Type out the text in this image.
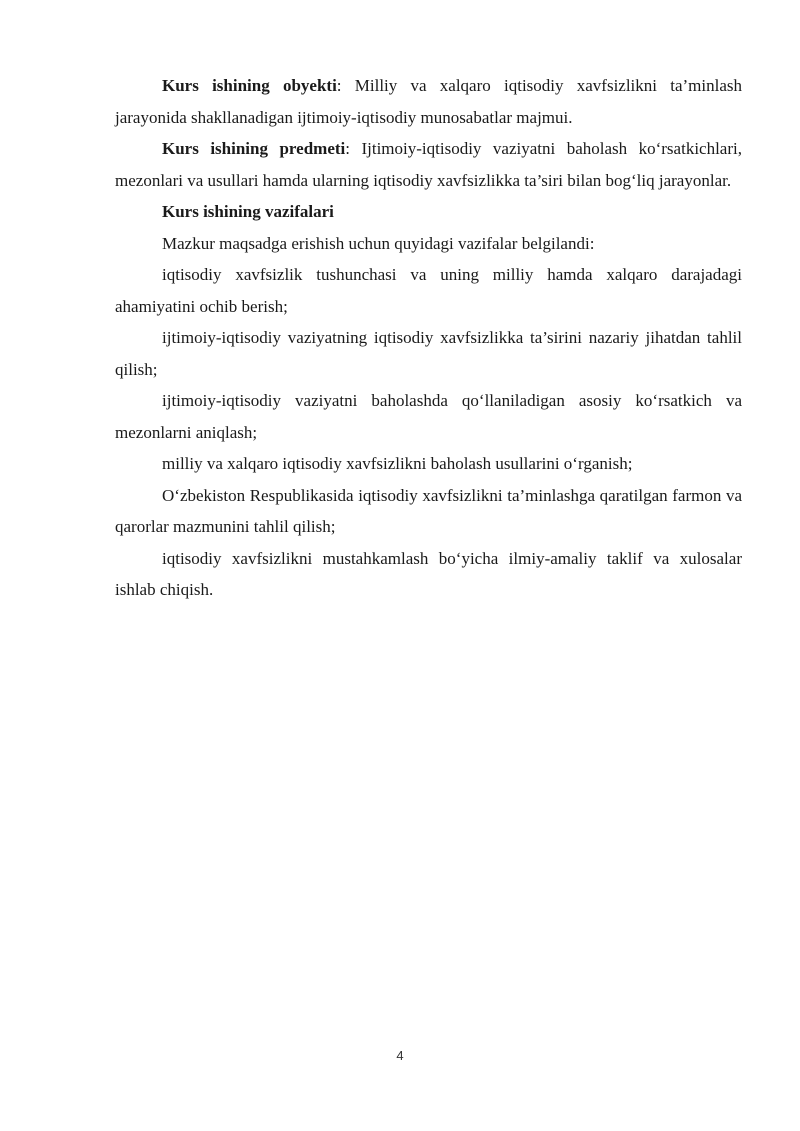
Kurs ishining obyekti: Milliy va xalqaro iqtisodiy xavfsizlikni ta’minlash jarayonida shakllanadigan ijtimoiy-iqtisodiy munosabatlar majmui.

Kurs ishining predmeti: Ijtimoiy-iqtisodiy vaziyatni baholash ko‘rsatkichlari, mezonlari va usullari hamda ularning iqtisodiy xavfsizlikka ta’siri bilan bog‘liq jarayonlar.

Kurs ishining vazifalari

Mazkur maqsadga erishish uchun quyidagi vazifalar belgilandi:

iqtisodiy xavfsizlik tushunchasi va uning milliy hamda xalqaro darajadagi ahamiyatini ochib berish;

ijtimoiy-iqtisodiy vaziyatning iqtisodiy xavfsizlikka ta’sirini nazariy jihatdan tahlil qilish;

ijtimoiy-iqtisodiy vaziyatni baholashda qo‘llaniladigan asosiy ko‘rsatkich va mezonlarni aniqlash;

milliy va xalqaro iqtisodiy xavfsizlikni baholash usullarini o‘rganish;

O‘zbekiston Respublikasida iqtisodiy xavfsizlikni ta’minlashga qaratilgan farmon va qarorlar mazmunini tahlil qilish;

iqtisodiy xavfsizlikni mustahkamlash bo‘yicha ilmiy-amaliy taklif va xulosalar ishlab chiqish.

4
